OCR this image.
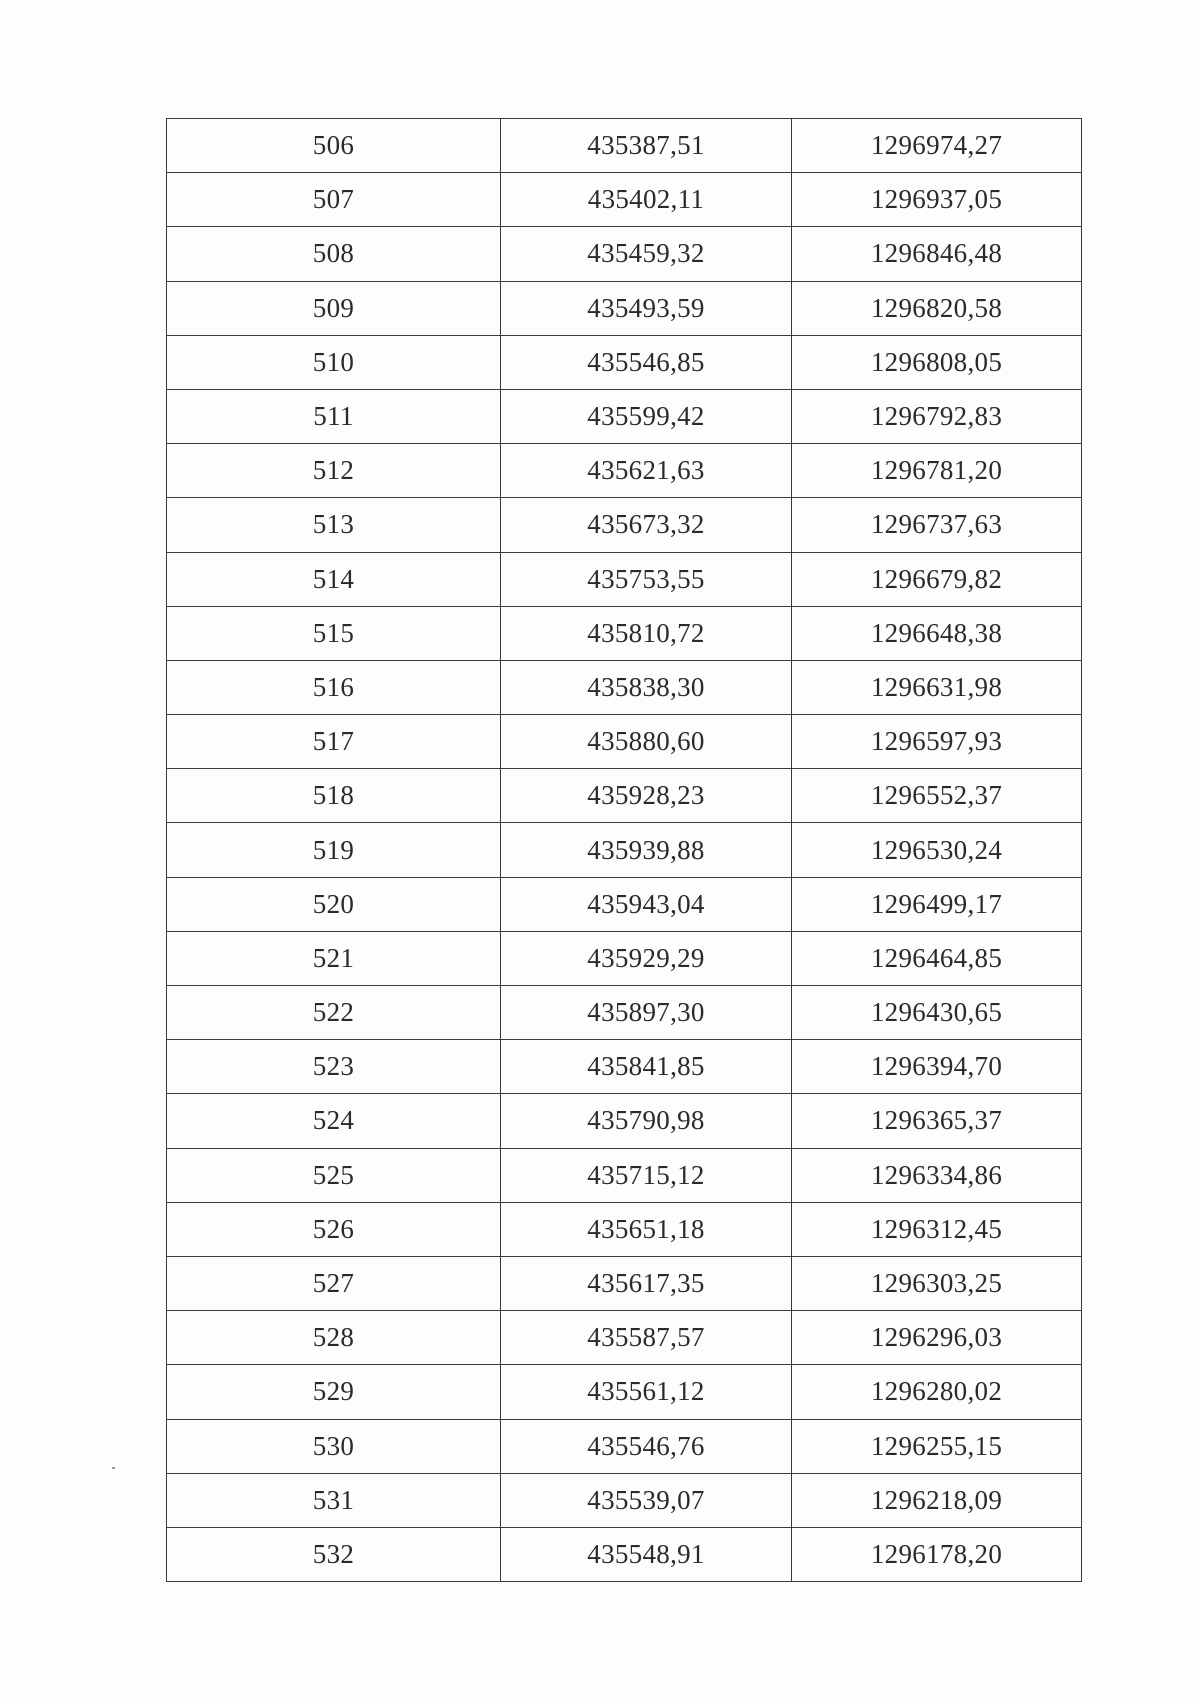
506	435387,51	1296974,27
507	435402,11	1296937,05
508	435459,32	1296846,48
509	435493,59	1296820,58
510	435546,85	1296808,05
511	435599,42	1296792,83
512	435621,63	1296781,20
513	435673,32	1296737,63
514	435753,55	1296679,82
515	435810,72	1296648,38
516	435838,30	1296631,98
517	435880,60	1296597,93
518	435928,23	1296552,37
519	435939,88	1296530,24
520	435943,04	1296499,17
521	435929,29	1296464,85
522	435897,30	1296430,65
523	435841,85	1296394,70
524	435790,98	1296365,37
525	435715,12	1296334,86
526	435651,18	1296312,45
527	435617,35	1296303,25
528	435587,57	1296296,03
529	435561,12	1296280,02
530	435546,76	1296255,15
531	435539,07	1296218,09
532	435548,91	1296178,20
